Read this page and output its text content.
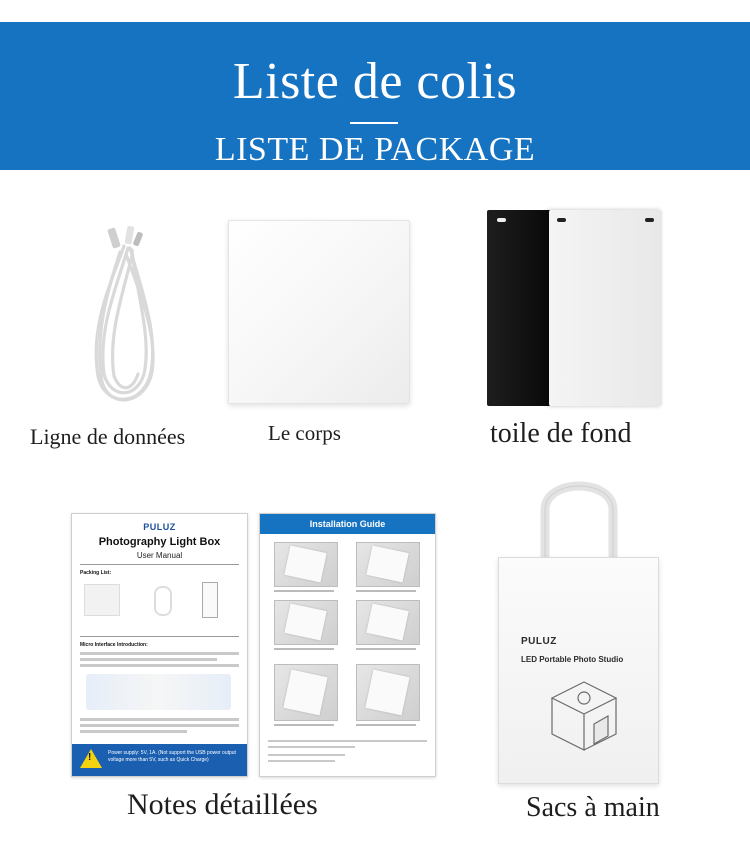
Liste de colis
LISTE DE PACKAGE
Ligne de données	Le corps	toile de fond
PULUZ
Photography Light Box
User Manual
Packing List:
Micro Interface Introduction:
!	Power supply: 5V, 1A. (Not support the USB power output voltage more than 5V, such as Quick Charge)
Installation Guide
Notes détaillées
PULUZ
LED Portable Photo Studio
Sacs à main
